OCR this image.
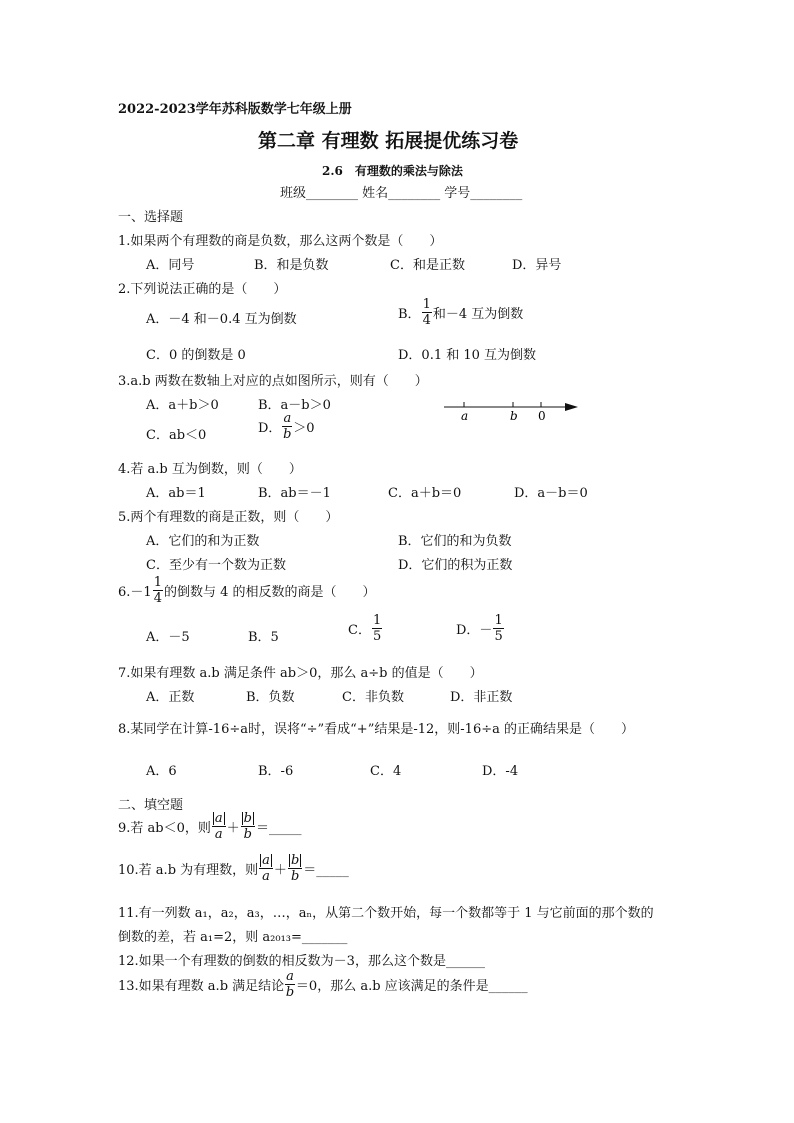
2022-2023学年苏科版数学七年级上册
第二章 有理数 拓展提优练习卷
2.6　有理数的乘法与除法
班级________ 姓名________ 学号________
一、选择题
1.如果两个有理数的商是负数，那么这两个数是（　　）
A．同号	B．和是负数	C．和是正数	D．异号
2.下列说法正确的是（　　）
A．－4 和－0.4 互为倒数	B． $\frac{1}{4}$ 和－4 互为倒数
C．0 的倒数是 0	D．0.1 和 10 互为倒数
3.a.b 两数在数轴上对应的点如图所示，则有（　　）
A．a＋b＞0	B．a－b＞0
C．ab＜0	D． $\frac{a}{b} >0$
a	b 0
4.若 a.b 互为倒数，则（　　）
A．ab＝1	B．ab＝－1	C．a＋b＝0	D．a－b＝0
5.两个有理数的商是正数，则（　　）
A．它们的和为正数	B．它们的和为负数
C．至少有一个数为正数	D．它们的积为正数
$6.-1 \frac{1}{4}$ 的倒数与 4 的相反数的商是（　　）
A．－5	B．5	C． $\frac{1}{5}$	D．－ $\frac{1}{5}$
7.如果有理数 a.b 满足条件 ab＞0，那么 a÷b 的值是（　　）
A．正数	B．负数	C．非负数	D．非正数
8.某同学在计算-16÷a时，误将“÷”看成“+”结果是-12，则-16÷a 的正确结果是（　　）
A．6	B．-6	C．4	D．-4
二、填空题
9.若 ab＜0，则 $\frac{a}{a} + \frac{b}{b}$ ＝_____
10.若 a.b 为有理数，则 $\frac{a}{a} + \frac{b}{b}$ ＝_____
11.有一列数 a₁，a₂，a₃，…，aₙ，从第二个数开始，每一个数都等于 1 与它前面的那个数的
倒数的差，若 a₁=2，则 a₂₀₁₃=_______
12.如果一个有理数的倒数的相反数为－3，那么这个数是______
13.如果有理数 a.b 满足结论 $\frac{a}{b} =0$，那么 a.b 应该满足的条件是______
